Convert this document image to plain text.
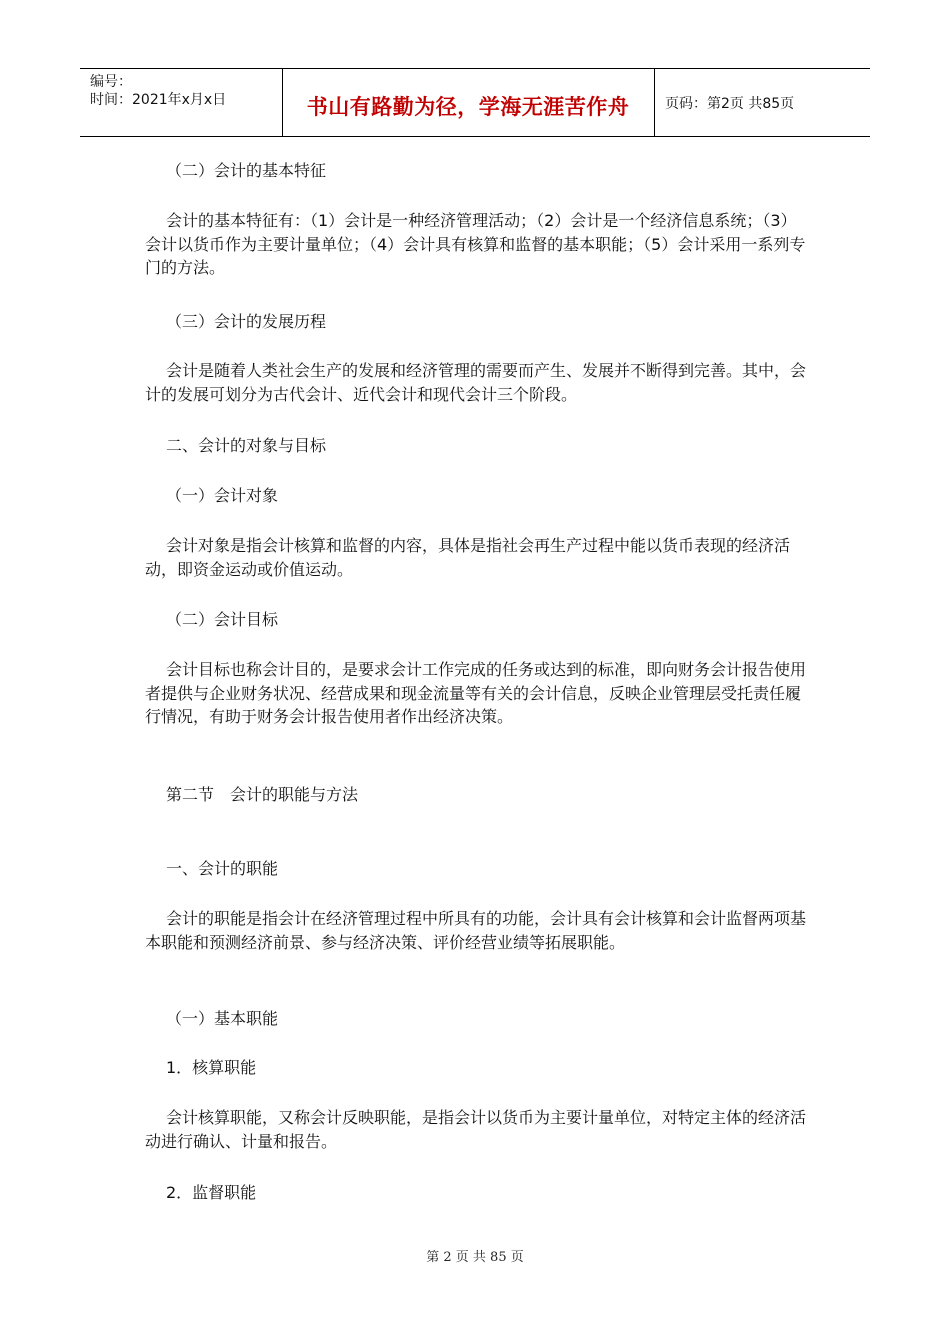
编号：
时间：2021年x月x日	书山有路勤为径，学海无涯苦作舟	页码：第2页 共85页

（二）会计的基本特征

会计的基本特征有：（1）会计是一种经济管理活动；（2）会计是一个经济信息系统；（3）会计以货币作为主要计量单位；（4）会计具有核算和监督的基本职能；（5）会计采用一系列专门的方法。

（三）会计的发展历程

会计是随着人类社会生产的发展和经济管理的需要而产生、发展并不断得到完善。其中，会计的发展可划分为古代会计、近代会计和现代会计三个阶段。

二、会计的对象与目标

（一）会计对象

会计对象是指会计核算和监督的内容，具体是指社会再生产过程中能以货币表现的经济活动，即资金运动或价值运动。

（二）会计目标

会计目标也称会计目的，是要求会计工作完成的任务或达到的标准，即向财务会计报告使用者提供与企业财务状况、经营成果和现金流量等有关的会计信息，反映企业管理层受托责任履行情况，有助于财务会计报告使用者作出经济决策。

第二节　会计的职能与方法

一、会计的职能

会计的职能是指会计在经济管理过程中所具有的功能，会计具有会计核算和会计监督两项基本职能和预测经济前景、参与经济决策、评价经营业绩等拓展职能。

（一）基本职能

1．核算职能

会计核算职能，又称会计反映职能，是指会计以货币为主要计量单位，对特定主体的经济活动进行确认、计量和报告。

2．监督职能

第 2 页 共 85 页
